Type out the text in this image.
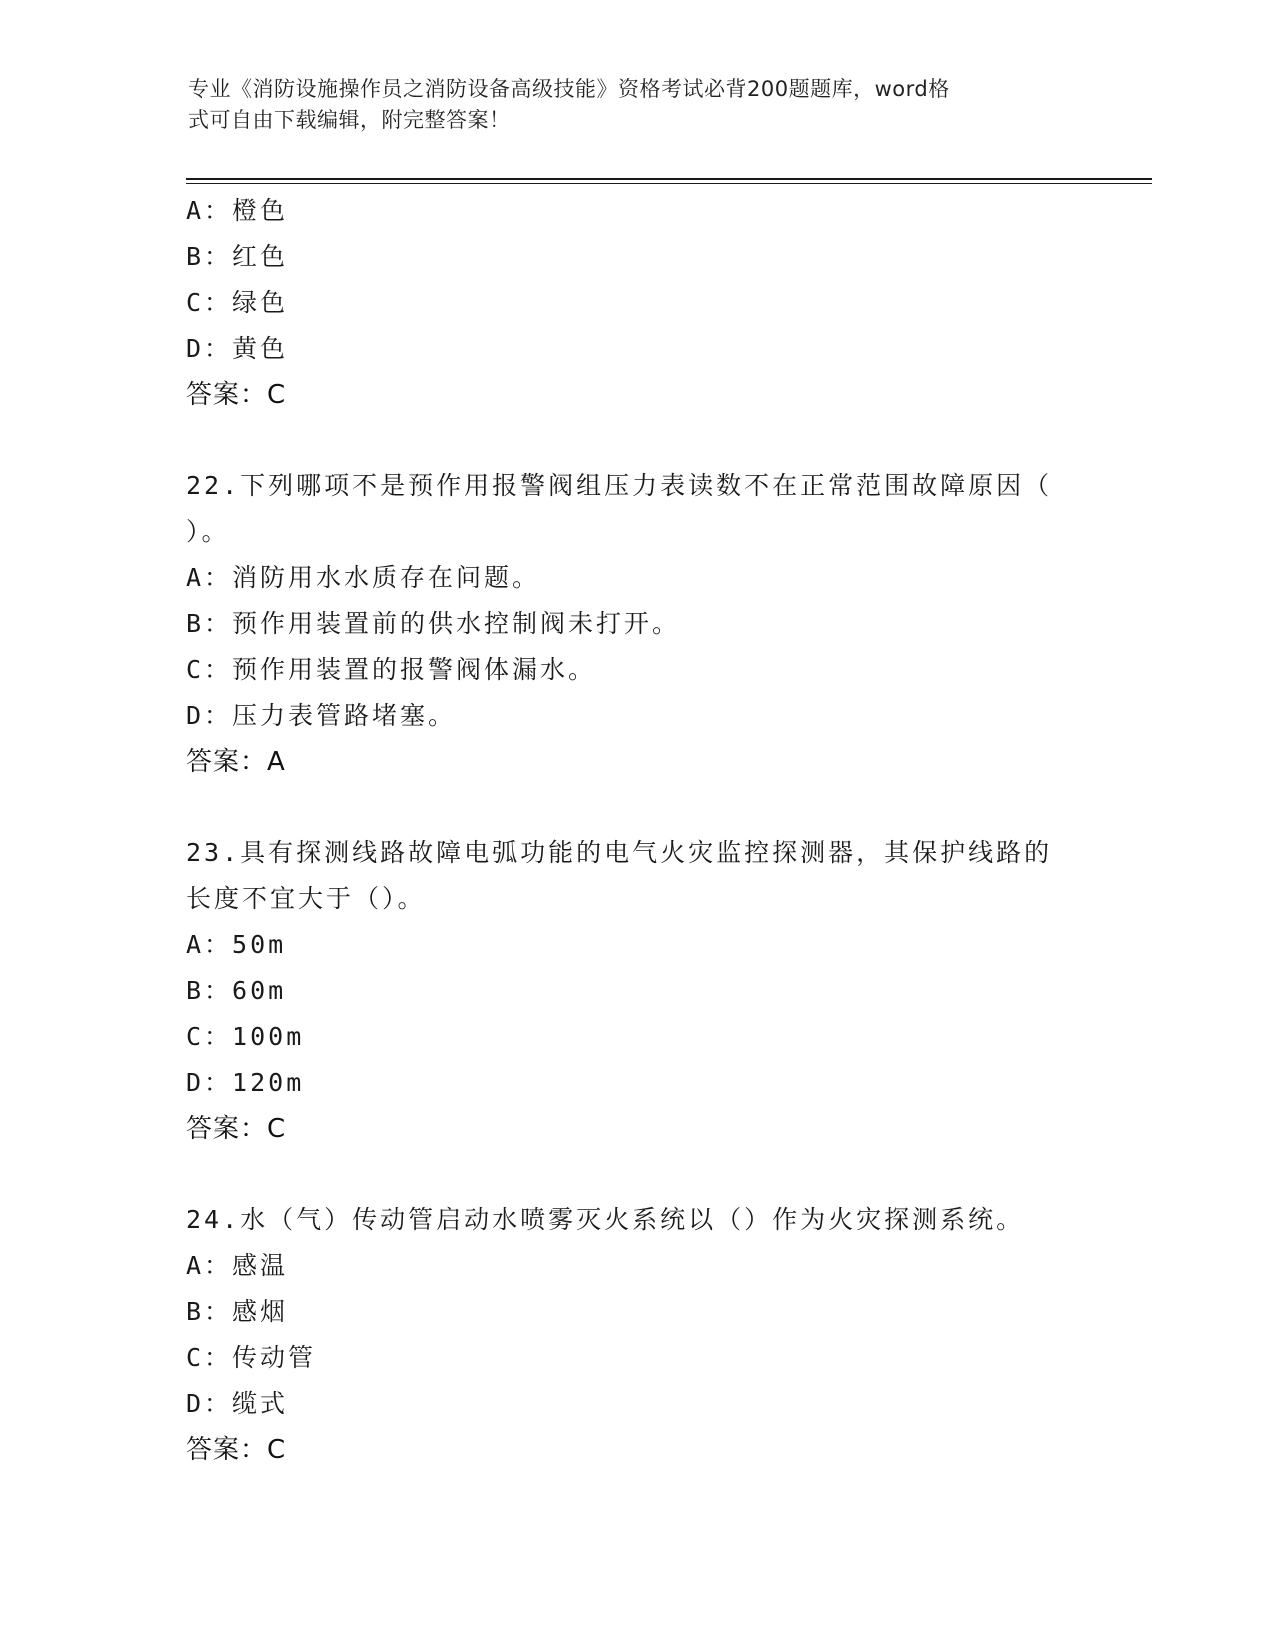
专业《消防设施操作员之消防设备高级技能》资格考试必背200题题库，word格
式可自由下载编辑，附完整答案！
A：橙色
B：红色
C：绿色
D：黄色
答案：C
22.下列哪项不是预作用报警阀组压力表读数不在正常范围故障原因（
）。
A：消防用水水质存在问题。
B：预作用装置前的供水控制阀未打开。
C：预作用装置的报警阀体漏水。
D：压力表管路堵塞。
答案：A
23.具有探测线路故障电弧功能的电气火灾监控探测器，其保护线路的
长度不宜大于（）。
A：50m
B：60m
C：100m
D：120m
答案：C
24.水（气）传动管启动水喷雾灭火系统以（）作为火灾探测系统。
A：感温
B：感烟
C：传动管
D：缆式
答案：C
